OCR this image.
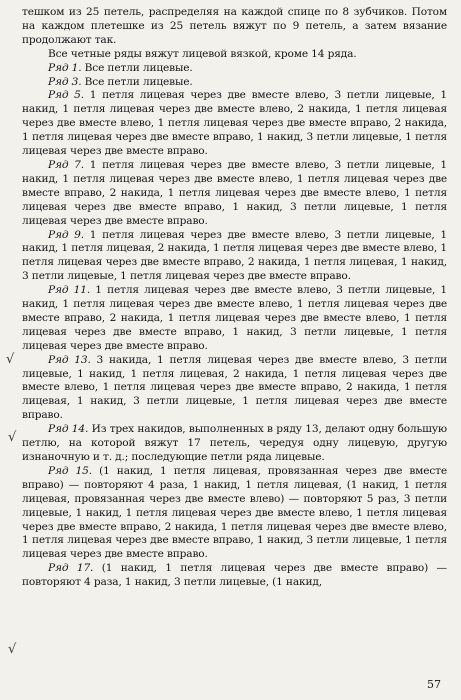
тешком из 25 петель, распределяя на каждой спице по 8 зубчиков. Потом на каждом плетешке из 25 петель вяжут по 9 петель, а затем вязание продолжают так.

Все четные ряды вяжут лицевой вязкой, кроме 14 ряда.

Ряд 1. Все петли лицевые.

Ряд 3. Все петли лицевые.

Ряд 5. 1 петля лицевая через две вместе влево, 3 петли лицевые, 1 накид, 1 петля лицевая через две вместе влево, 2 накида, 1 петля лицевая через две вместе влево, 1 петля лицевая через две вместе вправо, 2 накида, 1 петля лицевая через две вместе вправо, 1 накид, 3 петли лицевые, 1 петля лицевая через две вместе вправо.

Ряд 7. 1 петля лицевая через две вместе влево, 3 петли лицевые, 1 накид, 1 петля лицевая через две вместе влево, 1 петля лицевая через две вместе вправо, 2 накида, 1 петля лицевая через две вместе влево, 1 петля лицевая через две вместе вправо, 1 накид, 3 петли лицевые, 1 петля лицевая через две вместе вправо.

Ряд 9. 1 петля лицевая через две вместе влево, 3 петли лицевые, 1 накид, 1 петля лицевая, 2 накида, 1 петля лицевая через две вместе влево, 1 петля лицевая через две вместе вправо, 2 накида, 1 петля лицевая, 1 накид, 3 петли лицевые, 1 петля лицевая через две вместе вправо.

Ряд 11. 1 петля лицевая через две вместе влево, 3 петли лицевые, 1 накид, 1 петля лицевая через две вместе влево, 1 петля лицевая через две вместе вправо, 2 накида, 1 петля лицевая через две вместе влево, 1 петля лицевая через две вместе вправо, 1 накид, 3 петли лицевые, 1 петля лицевая через две вместе вправо.

Ряд 13. 3 накида, 1 петля лицевая через две вместе влево, 3 петли лицевые, 1 накид, 1 петля лицевая, 2 накида, 1 петля лицевая через две вместе влево, 1 петля лицевая через две вместе вправо, 2 накида, 1 петля лицевая, 1 накид, 3 петли лицевые, 1 петля лицевая через две вместе вправо.

Ряд 14. Из трех накидов, выполненных в ряду 13, делают одну большую петлю, на которой вяжут 17 петель, чередуя одну лицевую, другую изнаночную и т. д.; последующие петли ряда лицевые.

Ряд 15. (1 накид, 1 петля лицевая, провязанная через две вместе вправо) — повторяют 4 раза, 1 накид, 1 петля лицевая, (1 накид, 1 петля лицевая, провязанная через две вместе влево) — повторяют 5 раз, 3 петли лицевые, 1 накид, 1 петля лицевая через две вместе влево, 1 петля лицевая через две вместе вправо, 2 накида, 1 петля лицевая через две вместе влево, 1 петля лицевая через две вместе вправо, 1 накид, 3 петли лицевые, 1 петля лицевая через две вместе вправо.

Ряд 17. (1 накид, 1 петля лицевая через две вместе вправо) — повторяют 4 раза, 1 накид, 3 петли лицевые, (1 накид,

√
√
√
57
